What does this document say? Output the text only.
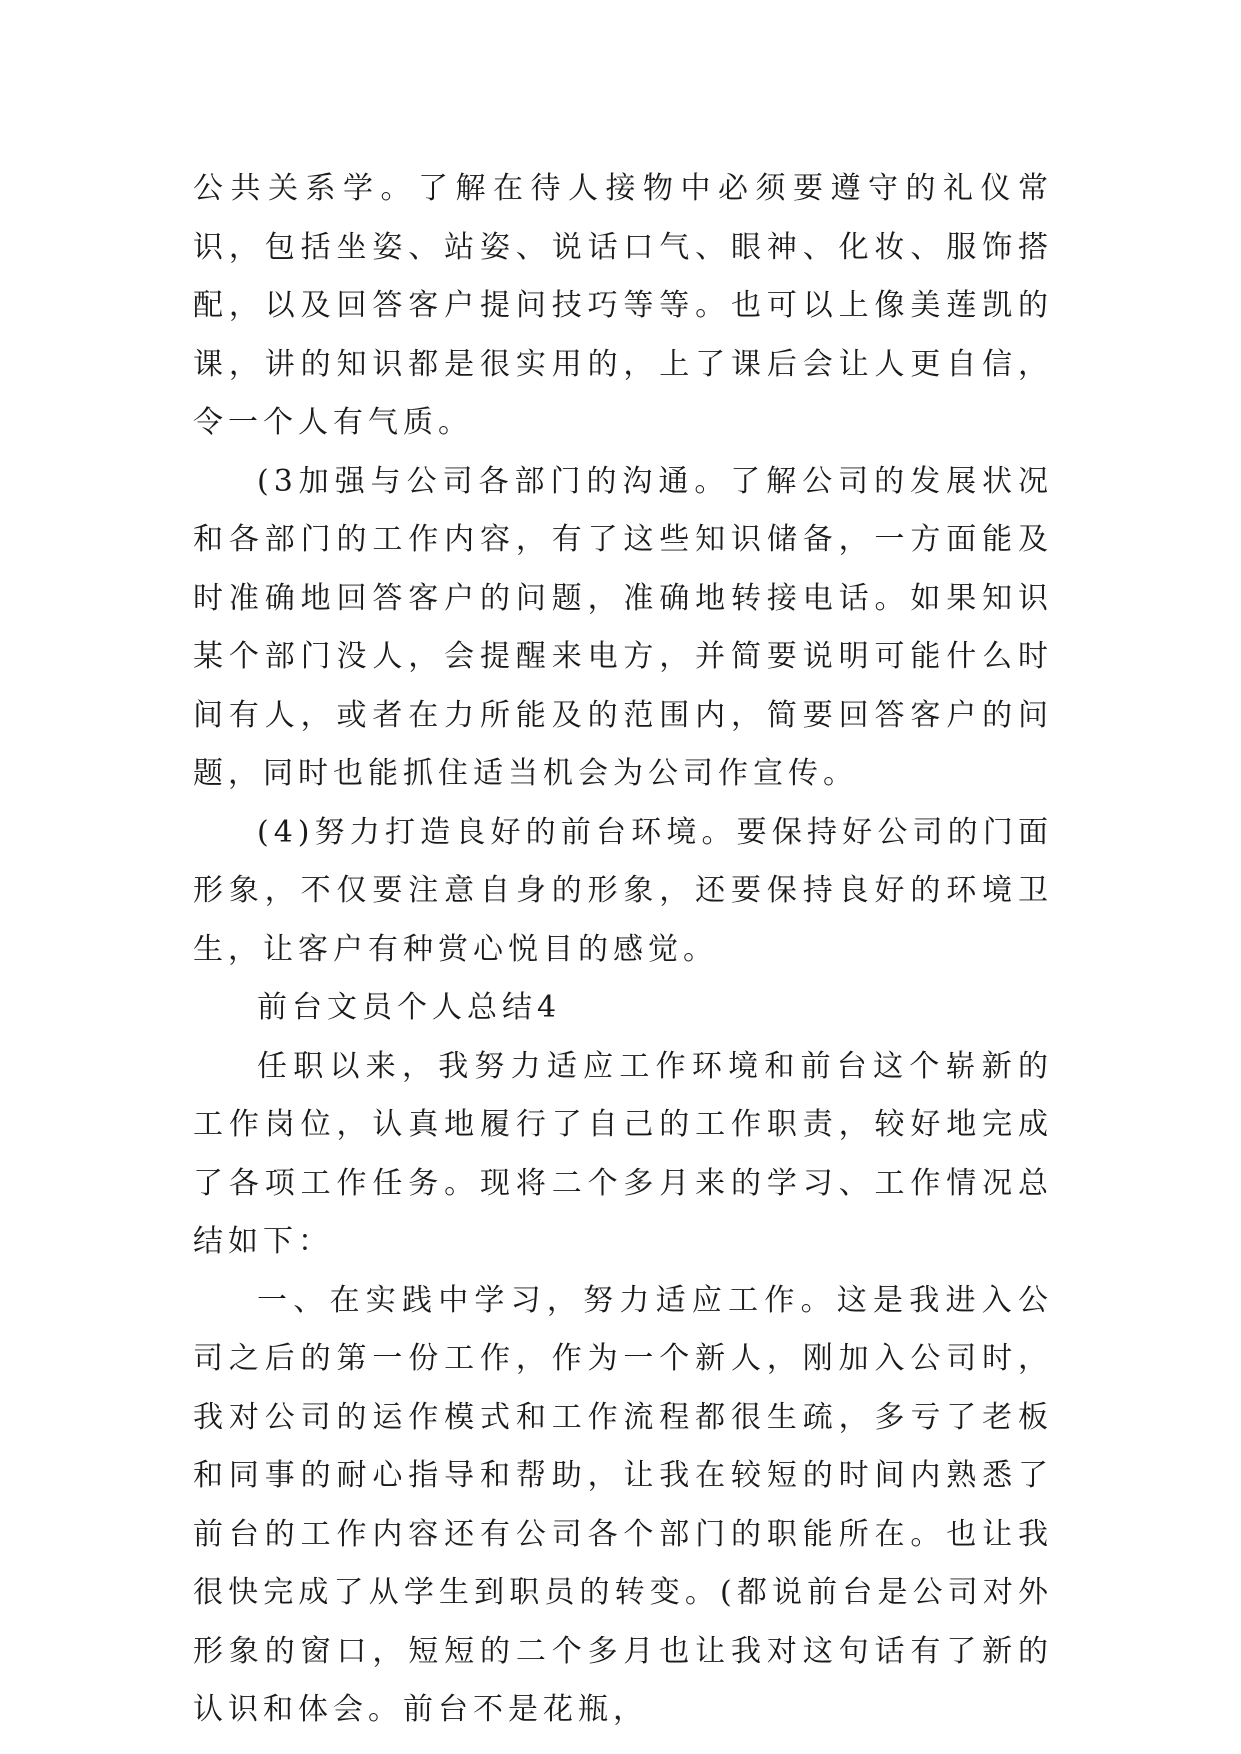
公共关系学。了解在待人接物中必须要遵守的礼仪常识，包括坐姿、站姿、说话口气、眼神、化妆、服饰搭配，以及回答客户提问技巧等等。也可以上像美莲凯的课，讲的知识都是很实用的，上了课后会让人更自信，令一个人有气质。

(3加强与公司各部门的沟通。了解公司的发展状况和各部门的工作内容，有了这些知识储备，一方面能及时准确地回答客户的问题，准确地转接电话。如果知识某个部门没人，会提醒来电方，并简要说明可能什么时间有人，或者在力所能及的范围内，简要回答客户的问题，同时也能抓住适当机会为公司作宣传。

(4)努力打造良好的前台环境。要保持好公司的门面形象，不仅要注意自身的形象，还要保持良好的环境卫生，让客户有种赏心悦目的感觉。

前台文员个人总结4

任职以来，我努力适应工作环境和前台这个崭新的工作岗位，认真地履行了自己的工作职责，较好地完成了各项工作任务。现将二个多月来的学习、工作情况总结如下：

一、在实践中学习，努力适应工作。这是我进入公司之后的第一份工作，作为一个新人，刚加入公司时，我对公司的运作模式和工作流程都很生疏，多亏了老板和同事的耐心指导和帮助，让我在较短的时间内熟悉了前台的工作内容还有公司各个部门的职能所在。也让我很快完成了从学生到职员的转变。(都说前台是公司对外形象的窗口，短短的二个多月也让我对这句话有了新的认识和体会。前台不是花瓶，
